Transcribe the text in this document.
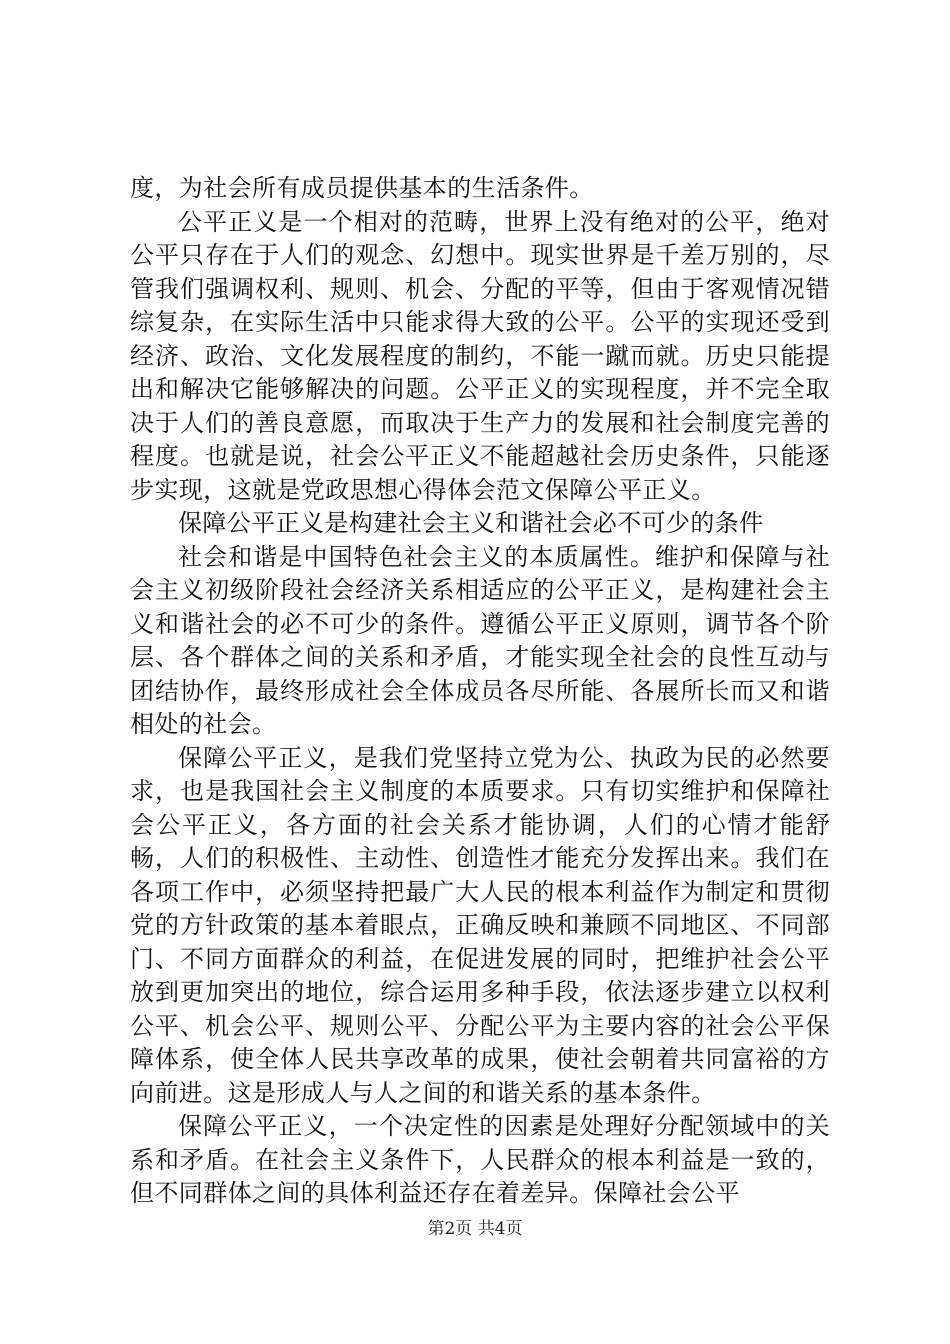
度，为社会所有成员提供基本的生活条件。

公平正义是一个相对的范畴，世界上没有绝对的公平，绝对公平只存在于人们的观念、幻想中。现实世界是千差万别的，尽管我们强调权利、规则、机会、分配的平等，但由于客观情况错综复杂，在实际生活中只能求得大致的公平。公平的实现还受到经济、政治、文化发展程度的制约，不能一蹴而就。历史只能提出和解决它能够解决的问题。公平正义的实现程度，并不完全取决于人们的善良意愿，而取决于生产力的发展和社会制度完善的程度。也就是说，社会公平正义不能超越社会历史条件，只能逐步实现，这就是党政思想心得体会范文保障公平正义。

保障公平正义是构建社会主义和谐社会必不可少的条件

社会和谐是中国特色社会主义的本质属性。维护和保障与社会主义初级阶段社会经济关系相适应的公平正义，是构建社会主义和谐社会的必不可少的条件。遵循公平正义原则，调节各个阶层、各个群体之间的关系和矛盾，才能实现全社会的良性互动与团结协作，最终形成社会全体成员各尽所能、各展所长而又和谐相处的社会。

保障公平正义，是我们党坚持立党为公、执政为民的必然要求，也是我国社会主义制度的本质要求。只有切实维护和保障社会公平正义，各方面的社会关系才能协调，人们的心情才能舒畅，人们的积极性、主动性、创造性才能充分发挥出来。我们在各项工作中，必须坚持把最广大人民的根本利益作为制定和贯彻党的方针政策的基本着眼点，正确反映和兼顾不同地区、不同部门、不同方面群众的利益，在促进发展的同时，把维护社会公平放到更加突出的地位，综合运用多种手段，依法逐步建立以权利公平、机会公平、规则公平、分配公平为主要内容的社会公平保障体系，使全体人民共享改革的成果，使社会朝着共同富裕的方向前进。这是形成人与人之间的和谐关系的基本条件。

保障公平正义，一个决定性的因素是处理好分配领域中的关系和矛盾。在社会主义条件下，人民群众的根本利益是一致的，但不同群体之间的具体利益还存在着差异。保障社会公平

第2页 共4页
